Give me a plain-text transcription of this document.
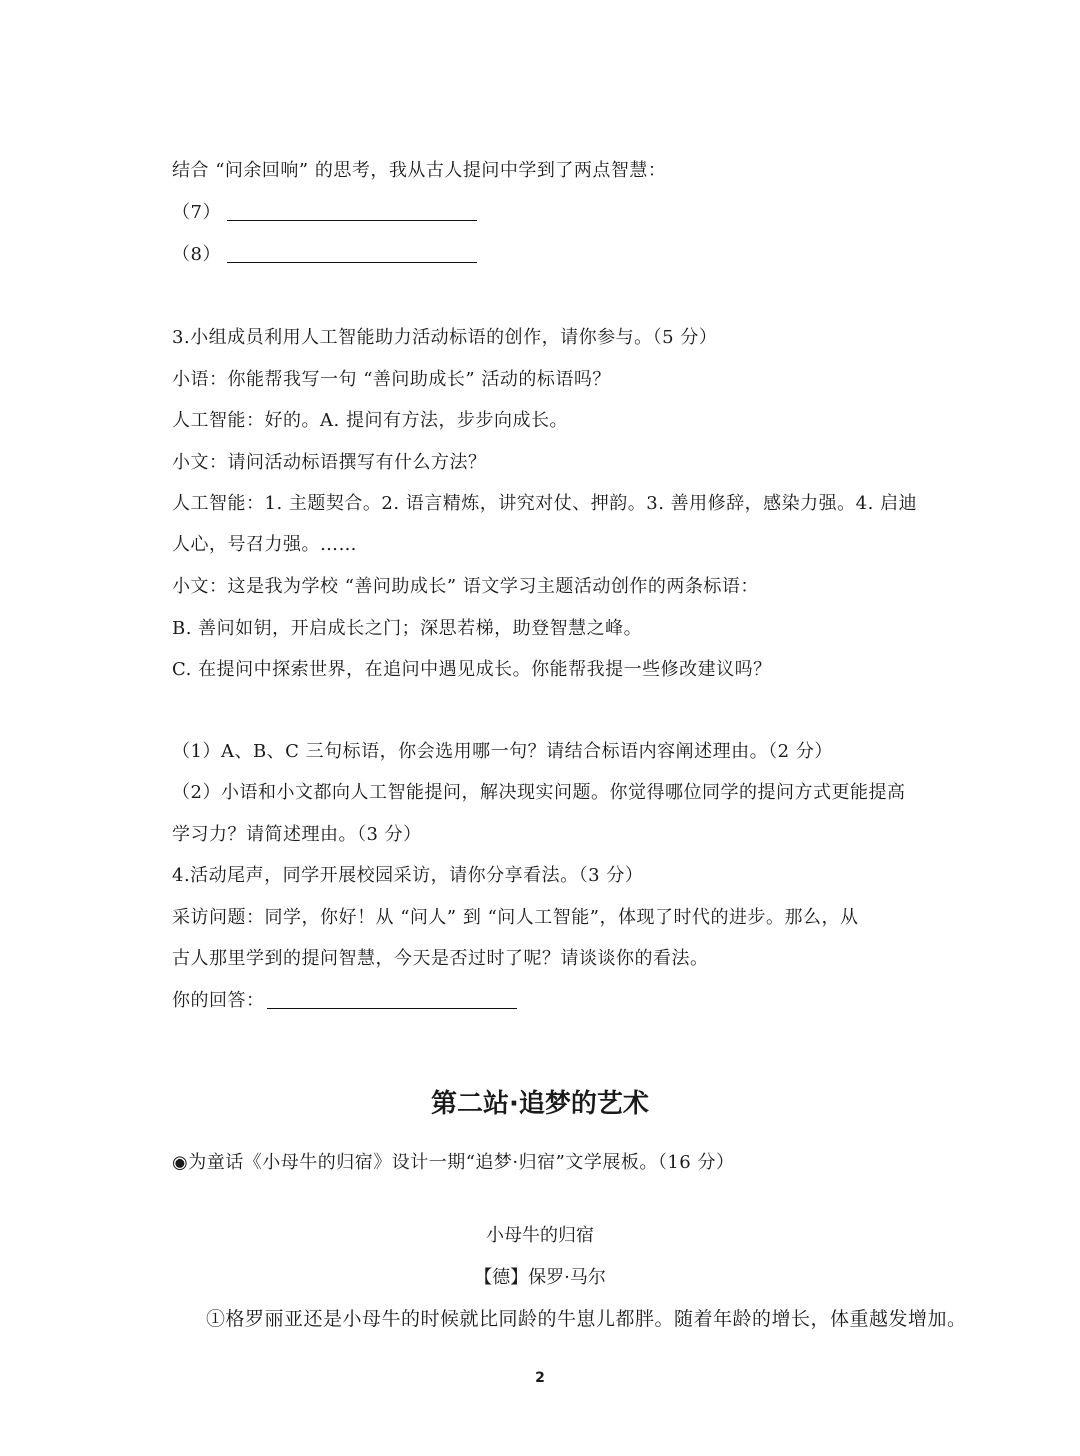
结合 “问余回响” 的思考，我从古人提问中学到了两点智慧：
（7）
（8）
3.小组成员利用人工智能助力活动标语的创作，请你参与。（5 分）
小语：你能帮我写一句 “善问助成长” 活动的标语吗？
人工智能：好的。A. 提问有方法，步步向成长。
小文：请问活动标语撰写有什么方法？
人工智能：1. 主题契合。2. 语言精炼，讲究对仗、押韵。3. 善用修辞，感染力强。4. 启迪
人心，号召力强。……
小文：这是我为学校 “善问助成长” 语文学习主题活动创作的两条标语：
B. 善问如钥，开启成长之门；深思若梯，助登智慧之峰。
C. 在提问中探索世界，在追问中遇见成长。你能帮我提一些修改建议吗？
（1）A、B、C 三句标语，你会选用哪一句？请结合标语内容阐述理由。（2 分）
（2）小语和小文都向人工智能提问，解决现实问题。你觉得哪位同学的提问方式更能提高
学习力？请简述理由。（3 分）
4.活动尾声，同学开展校园采访，请你分享看法。（3 分）
采访问题：同学，你好！从 “问人” 到 “问人工智能”，体现了时代的进步。那么，从
古人那里学到的提问智慧，今天是否过时了呢？请谈谈你的看法。
你的回答：
第二站·追梦的艺术
◉为童话《小母牛的归宿》设计一期“追梦·归宿”文学展板。（16 分）
小母牛的归宿
【德】保罗·马尔
①格罗丽亚还是小母牛的时候就比同龄的牛崽儿都胖。随着年龄的增长，体重越发增加。
2
